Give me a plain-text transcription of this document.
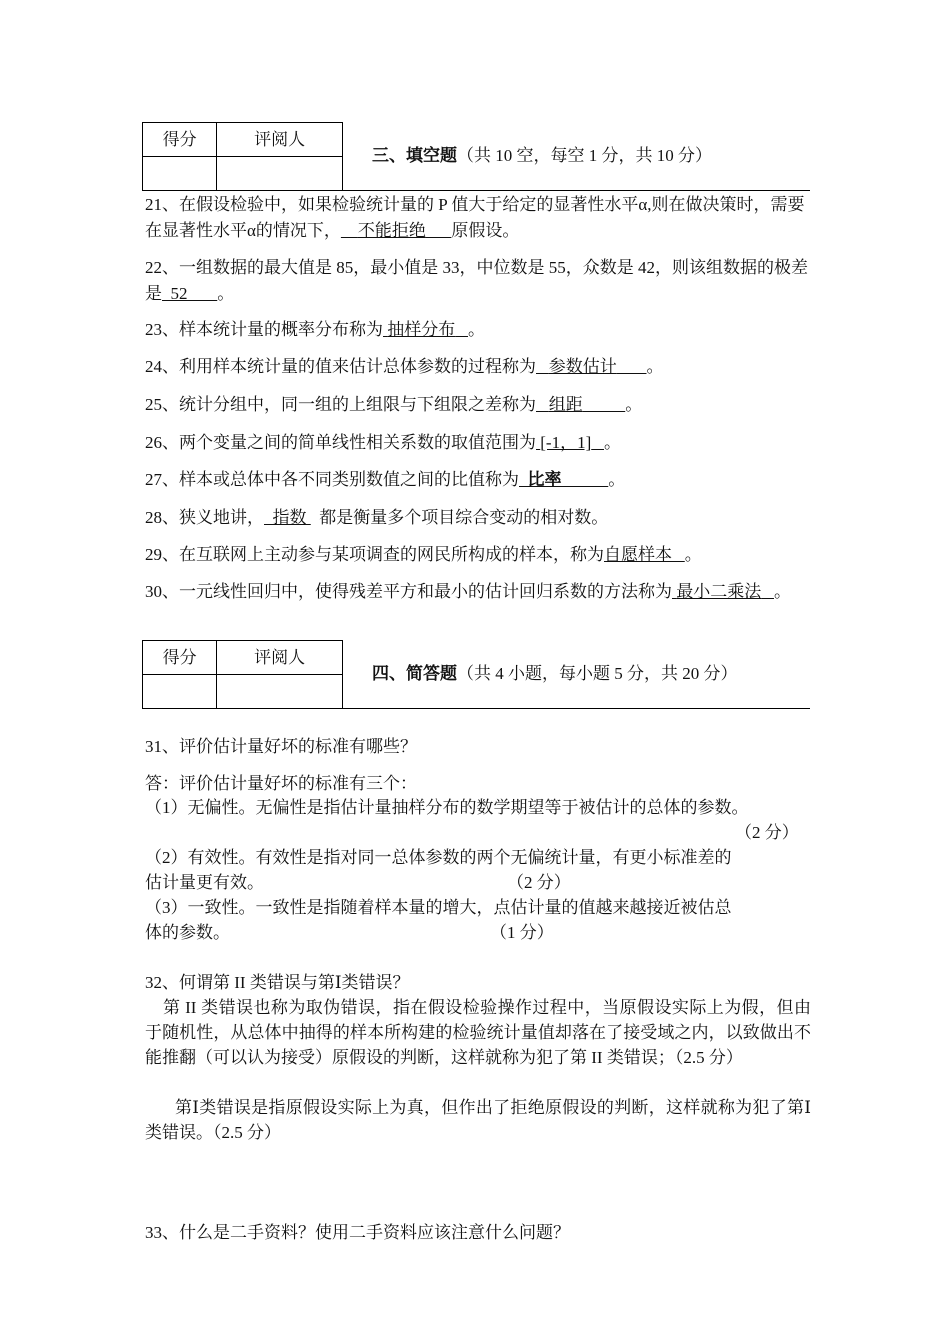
得分	评阅人

三、填空题（共 10 空，每空 1 分，共 10 分）
21、在假设检验中，如果检验统计量的 P 值大于给定的显著性水平α,则在做决策时，需要在显著性水平α的情况下， 不能拒绝 原假设。
22、一组数据的最大值是 85，最小值是 33，中位数是 55，众数是 42，则该组数据的极差是 52 。
23、样本统计量的概率分布称为 抽样分布 。
24、利用样本统计量的值来估计总体参数的过程称为 参数估计 。
25、统计分组中，同一组的上组限与下组限之差称为 组距	。
26、两个变量之间的简单线性相关系数的取值范围为 [-1，1] 。
27、样本或总体中各不同类别数值之间的比值称为 比率	。
28、狭义地讲， 指数 都是衡量多个项目综合变动的相对数。
29、在互联网上主动参与某项调查的网民所构成的样本，称为自愿样本 。
30、一元线性回归中，使得残差平方和最小的估计回归系数的方法称为 最小二乘法 。
得分	评阅人

四、简答题（共 4 小题，每小题 5 分，共 20 分）
31、评价估计量好坏的标准有哪些？
答：评价估计量好坏的标准有三个：
（1）无偏性。无偏性是指估计量抽样分布的数学期望等于被估计的总体的参数。
（2 分）
（2）有效性。有效性是指对同一总体参数的两个无偏统计量，有更小标准差的
估计量更有效。	（2 分）
（3）一致性。一致性是指随着样本量的增大，点估计量的值越来越接近被估总
体的参数。	（1 分）
32、何谓第 II 类错误与第Ⅰ类错误？
第 II 类错误也称为取伪错误，指在假设检验操作过程中，当原假设实际上为假，但由于随机性，从总体中抽得的样本所构建的检验统计量值却落在了接受域之内，以致做出不能推翻（可以认为接受）原假设的判断，这样就称为犯了第 II 类错误；（2.5 分）
第Ⅰ类错误是指原假设实际上为真，但作出了拒绝原假设的判断，这样就称为犯了第Ⅰ类错误。（2.5 分）
33、什么是二手资料？使用二手资料应该注意什么问题？
